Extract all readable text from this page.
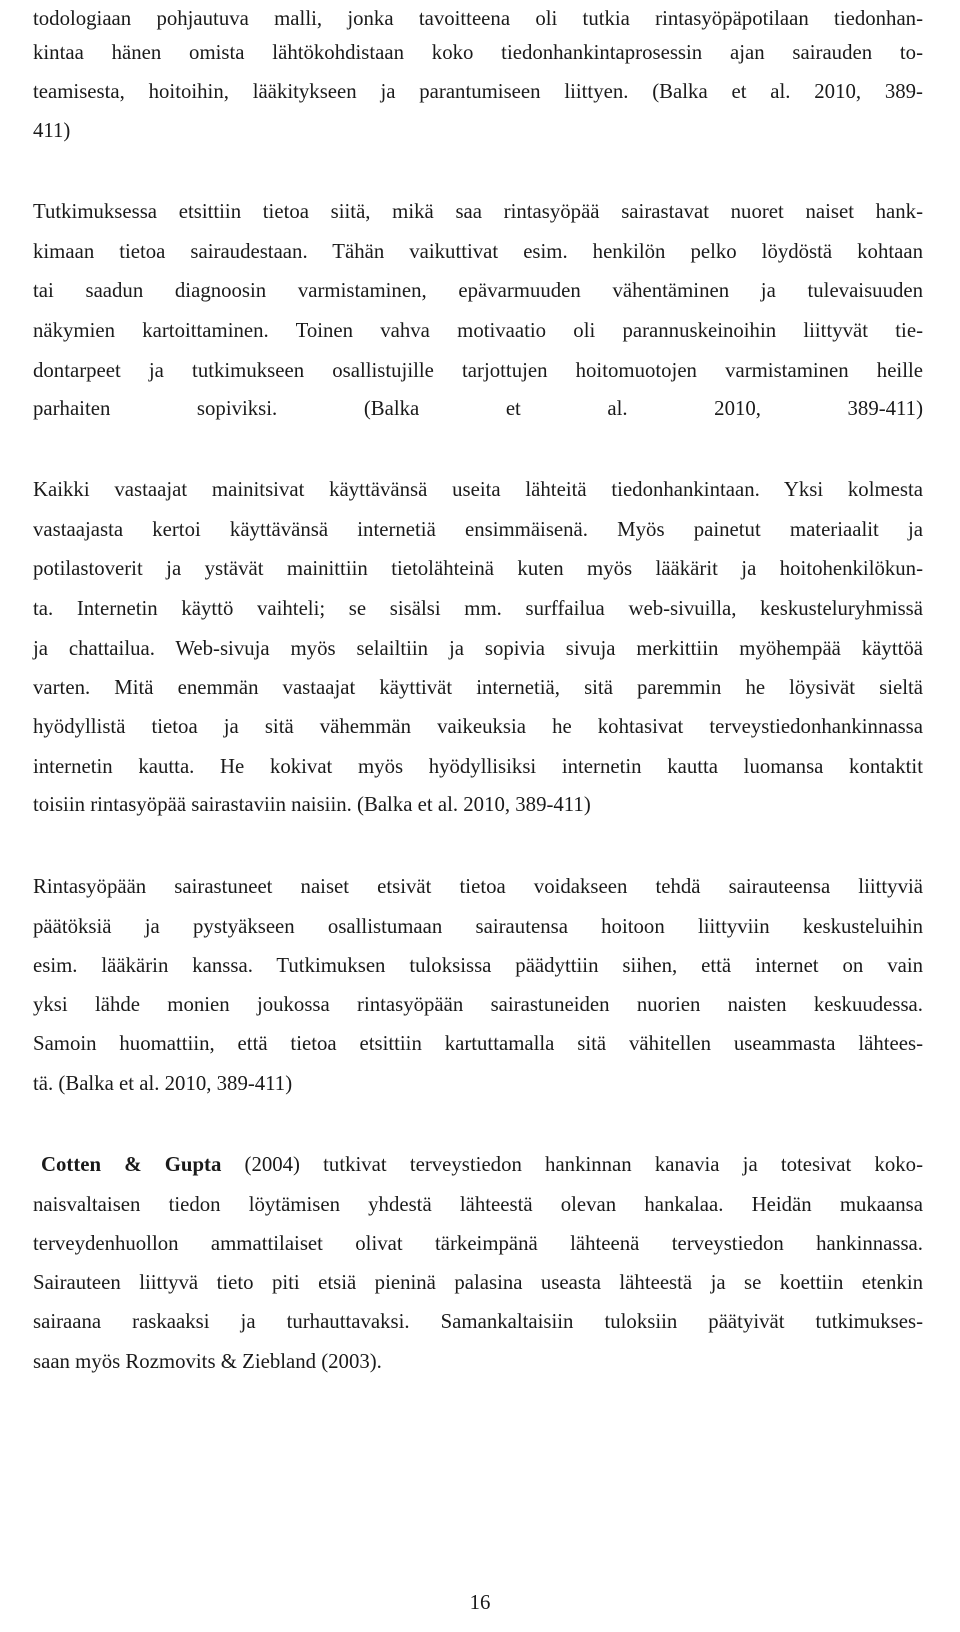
todologiaan pohjautuva malli, jonka tavoitteena oli tutkia rintasyöpäpotilaan tiedonhan-
kintaa hänen omista lähtökohdistaan koko tiedonhankintaprosessin ajan sairauden to-
teamisesta, hoitoihin, lääkitykseen ja parantumiseen liittyen. (Balka et al. 2010, 389-
411)
Tutkimuksessa etsittiin tietoa siitä, mikä saa rintasyöpää sairastavat nuoret naiset hank-
kimaan tietoa sairaudestaan. Tähän vaikuttivat esim. henkilön pelko löydöstä kohtaan
tai saadun diagnoosin varmistaminen, epävarmuuden vähentäminen ja tulevaisuuden
näkymien kartoittaminen. Toinen vahva motivaatio oli parannuskeinoihin liittyvät tie-
dontarpeet ja tutkimukseen osallistujille tarjottujen hoitomuotojen varmistaminen heille
parhaiten sopiviksi. (Balka et al. 2010, 389-411)
Kaikki vastaajat mainitsivat käyttävänsä useita lähteitä tiedonhankintaan. Yksi kolmesta
vastaajasta kertoi käyttävänsä internetiä ensimmäisenä. Myös painetut materiaalit ja
potilastoverit ja ystävät mainittiin tietolähteinä kuten myös lääkärit ja hoitohenkilökun-
ta. Internetin käyttö vaihteli; se sisälsi mm. surffailua web-sivuilla, keskusteluryhmissä
ja chattailua. Web-sivuja myös selailtiin ja sopivia sivuja merkittiin myöhempää käyttöä
varten. Mitä enemmän vastaajat käyttivät internetiä, sitä paremmin he löysivät sieltä
hyödyllistä tietoa ja sitä vähemmän vaikeuksia he kohtasivat terveystiedonhankinnassa
internetin kautta. He kokivat myös hyödyllisiksi internetin kautta luomansa kontaktit
toisiin rintasyöpää sairastaviin naisiin. (Balka et al. 2010, 389-411)
Rintasyöpään sairastuneet naiset etsivät tietoa voidakseen tehdä sairauteensa liittyviä
päätöksiä ja pystyäkseen osallistumaan sairautensa hoitoon liittyviin keskusteluihin
esim. lääkärin kanssa. Tutkimuksen tuloksissa päädyttiin siihen, että internet on vain
yksi lähde monien joukossa rintasyöpään sairastuneiden nuorien naisten keskuudessa.
Samoin huomattiin, että tietoa etsittiin kartuttamalla sitä vähitellen useammasta lähtees-
tä. (Balka et al. 2010, 389-411)
Cotten & Gupta (2004) tutkivat terveystiedon hankinnan kanavia ja totesivat koko-
naisvaltaisen tiedon löytämisen yhdestä lähteestä olevan hankalaa. Heidän mukaansa
terveydenhuollon ammattilaiset olivat tärkeimpänä lähteenä terveystiedon hankinnassa.
Sairauteen liittyvä tieto piti etsiä pieninä palasina useasta lähteestä ja se koettiin etenkin
sairaana raskaaksi ja turhauttavaksi. Samankaltaisiin tuloksiin päätyivät tutkimukses-
saan myös Rozmovits & Ziebland (2003).
16
